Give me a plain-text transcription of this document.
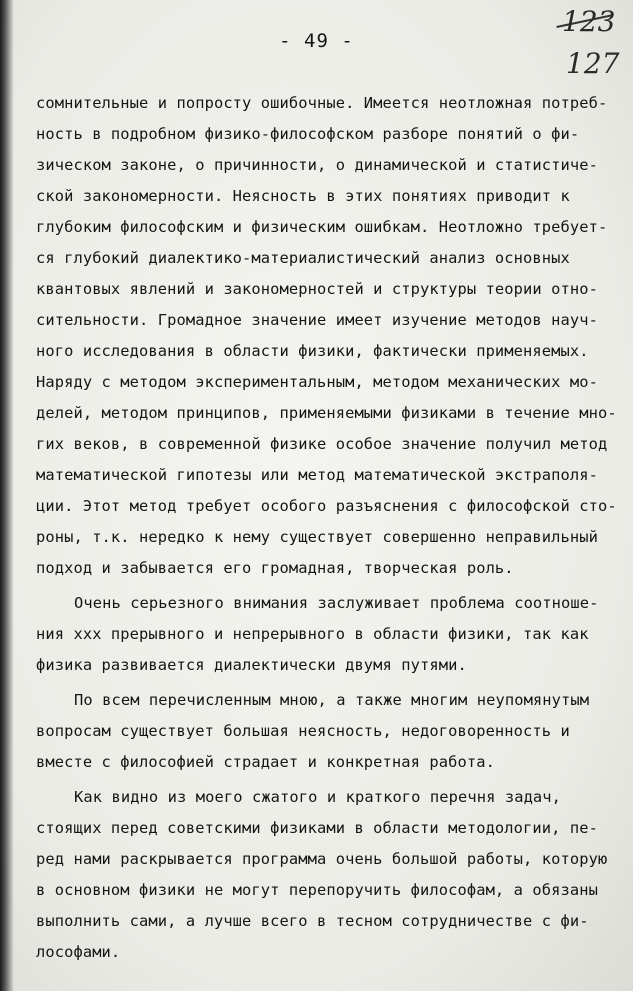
- 49 -
123
127
сомнительные и попросту ошибочные. Имеется неотложная потреб-
ность в подробном физико-философском разборе понятий о фи-
зическом законе, о причинности, о динамической и статистиче-
ской закономерности. Неясность в этих понятиях приводит к
глубоким философским и физическим ошибкам. Неотложно требует-
ся глубокий диалектико-материалистический анализ основных
квантовых явлений и закономерностей и структуры теории отно-
сительности. Громадное значение имеет изучение методов науч-
ного исследования в области физики, фактически применяемых.
Наряду с методом экспериментальным, методом механических мо-
делей, методом принципов, применяемыми физиками в течение мно-
гих веков, в современной физике особое значение получил метод
математической гипотезы или метод математической экстраполя-
ции. Этот метод требует особого разъяснения с философской сто-
роны, т.к. нередко к нему существует совершенно неправильный
подход и забывается его громадная, творческая роль.
Очень серьезного внимания заслуживает проблема соотноше-
ния ххх прерывного и непрерывного в области физики, так как
физика развивается диалектически двумя путями.
По всем перечисленным мною, а также многим неупомянутым
вопросам существует большая неясность, недоговоренность и
вместе с философией страдает и конкретная работа.
Как видно из моего сжатого и краткого перечня задач,
стоящих перед советскими физиками в области методологии, пе-
ред нами раскрывается программа очень большой работы, которую
в основном физики не могут перепоручить философам, а обязаны
выполнить сами, а лучше всего в тесном сотрудничестве с фи-
лософами.
